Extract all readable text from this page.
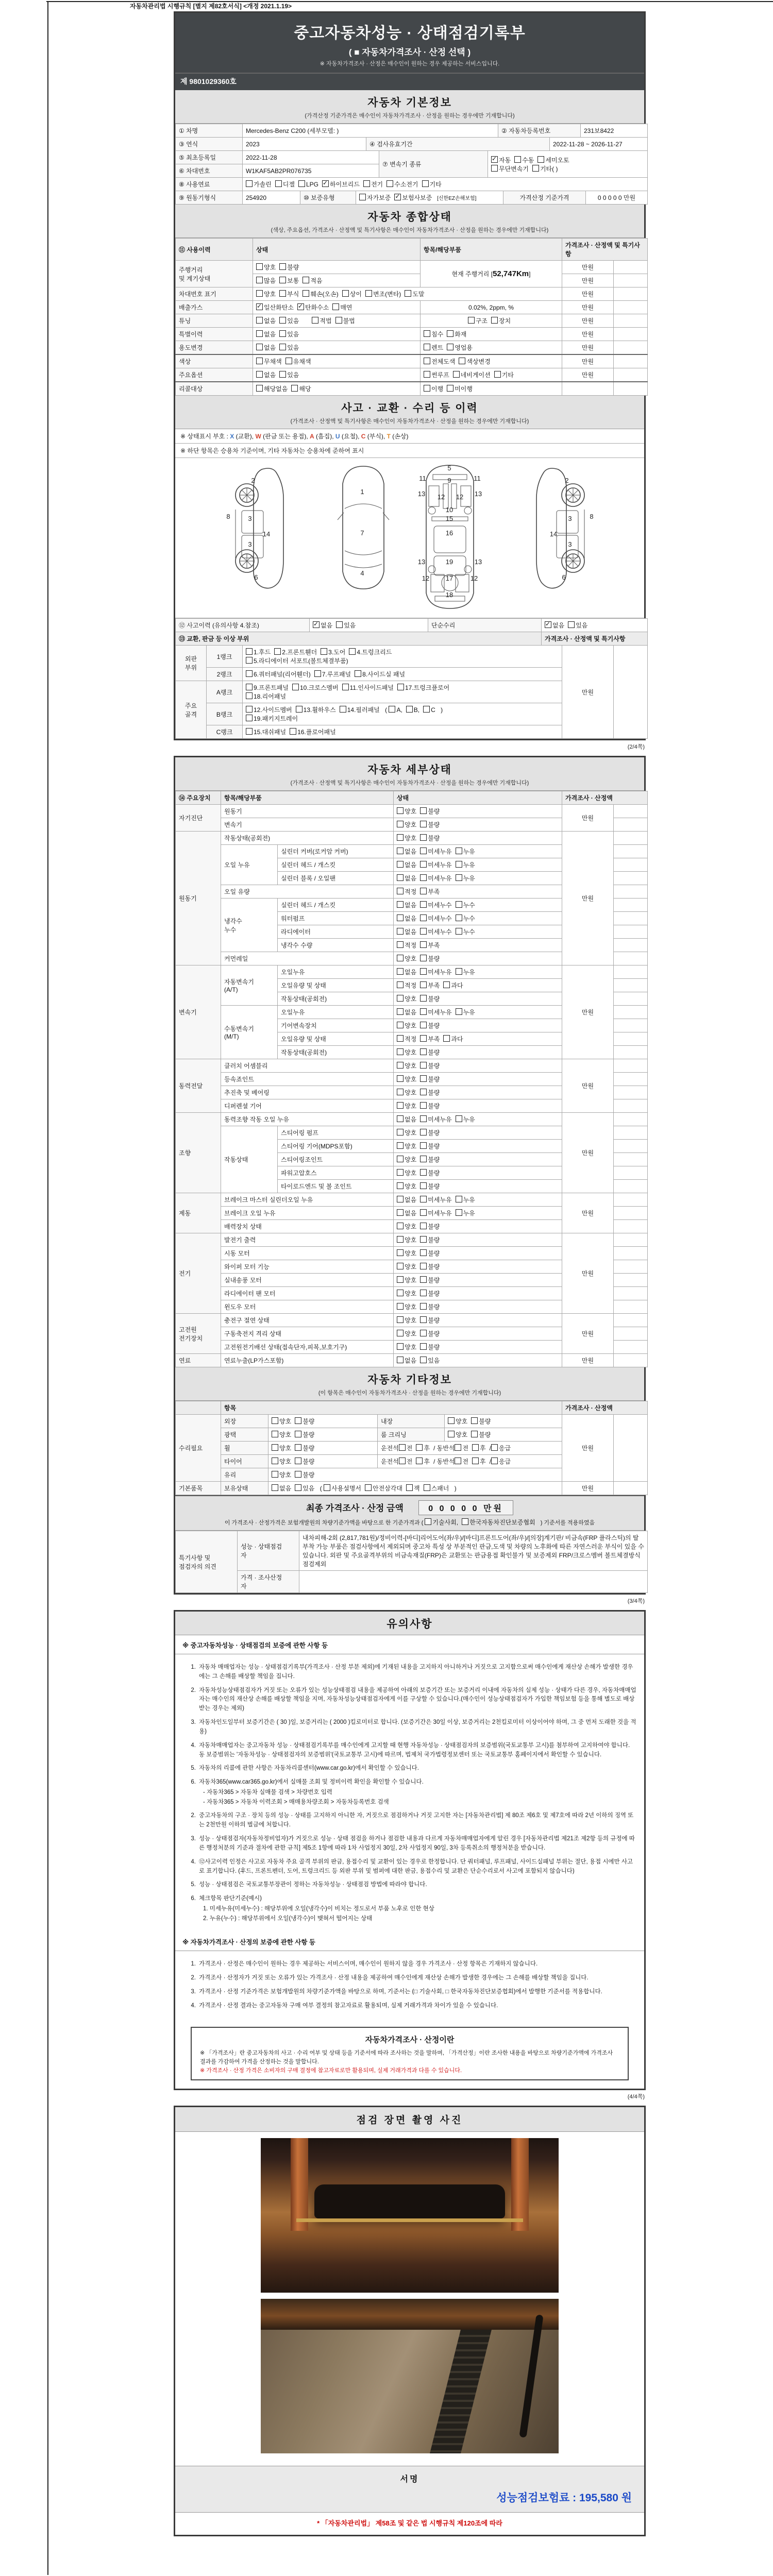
자동차관리법 시행규칙 [별지 제82호서식] <개정 2021.1.19>
중고자동차성능 · 상태점검기록부
( ■ 자동차가격조사 · 산정 선택 )
※ 자동차가격조사 · 산정은 매수인이 원하는 경우 제공하는 서비스입니다.
제 9801029360호
자동차 기본정보
(가격산정 기준가격은 매수인이 자동차가격조사 · 산정을 원하는 경우에만 기재합니다)
① 차명	Mercedes-Benz C200 (세부모델: )	② 자동차등록번호	231보8422
③ 연식	2023	④ 검사유효기간	2022-11-28 ~ 2026-11-27
⑤ 최초등록일	2022-11-28	⑦ 변속기 종류	✓자동 수동 세미오토
무단변속기 기타( )
⑥ 차대번호	W1KAF5AB2PR076735		
⑧ 사용연료	가솔린 디젤 LPG ✓ 하이브리드 전기 수소전기 기타
⑨ 원동기형식	254920	⑩ 보증유형	자가보증 ✓ 보험사보증 [신한EZ손해보험]	가격산정 기준가격	0 0 0 0 0 만원
자동차 종합상태
(색상, 주요옵션, 가격조사 · 산정액 및 특기사항은 매수인이 자동차가격조사 · 산정을 원하는 경우에만 기재합니다)
⑪ 사용이력	상태	항목/해당부품	가격조사 · 산정액 및 특기사항	
주행거리
및 계기상태	양호 불량	현재 주행거리 [52,747Km]	만원	
	많음 보통 적음		만원	
차대번호 표기	양호 부식 훼손(오손) 상이 변조(변타) 도말		만원	
배출가스	✓일산화탄소 ✓ 탄화수소 매연	0.02%, 2ppm, %	만원	
튜닝	없음 있음 적법 불법	구조 장치	만원	
특별이력	없음 있음	침수 화재	만원	
용도변경	없음 있음	렌트 영업용	만원	
색상	무채색 유채색	전체도색 색상변경	만원	
주요옵션	없음 있음	썬루프 네비게이션 기타	만원	
리콜대상	해당없음 해당	이행 미이행		
사고 · 교환 · 수리 등 이력
(가격조사 · 산정액 및 특기사항은 매수인이 자동차가격조사 · 산정을 원하는 경우에만 기재합니다)
※ 상태표시 부호 : X (교환), W (판금 또는 용접), A (흠집), U (요철), C (부식), T (손상)
※ 하단 항목은 승용차 기준이며, 기타 자동차는 승용차에 준하여 표시
2
8	3
14
3
6
1
7
4
5
11	9	11
13 12 12 13
10
15
16
13	19	13
12 17	12
18
2
8
3
14
3
6
⑫ 사고이력 (유의사항 4.참조)	✓없음 있음	단순수리	✓없음 있음
⑬ 교환, 판금 등 이상 부위			가격조사 · 산정액 및 특기사항
외판
부위	1랭크	1.후드 2.프론트휀더 3.도어 4.트렁크리드
5.라디에이터 서포트(볼트체결부품)	만원	
	2랭크	6.쿼터패널(리어휀더) 7.루프패널 8.사이드실 패널		
주요
골격	A랭크	9.프론트패널 10.크로스멤버 11.인사이드패널 17.트렁크플로어
18.리어패널		
	B랭크	12.사이드멤버 13.휠하우스 14.필러패널 ( A, B, C )
19.패키지트레이		
	C랭크	15.대쉬패널 16.플로어패널		
(2/4쪽)
자동차 세부상태
(가격조사 · 산정액 및 특기사항은 매수인이 자동차가격조사 · 산정을 원하는 경우에만 기재합니다)
⑭ 주요장치	항목/해당부품		상태	가격조사 · 산정액	
자기진단	원동기		양호 불량	만원	
	변속기		양호 불량		
원동기	작동상태(공회전)		양호 불량	만원	
	오일 누유	실린더 커버(로커암 커버)	없음 미세누유 누유		
		실린더 헤드 / 개스킷	없음 미세누유 누유		
		실린더 블록 / 오일팬	없음 미세누유 누유		
	오일 유량		적정 부족		
	냉각수
누수	실린더 헤드 / 개스킷	없음 미세누수 누수		
		워터펌프	없음 미세누수 누수		
		라디에이터	없음 미세누수 누수		
		냉각수 수량	적정 부족		
	커먼레일		양호 불량		
변속기	자동변속기
(A/T)	오일누유	없음 미세누유 누유	만원	
		오일유량 및 상태	적정 부족 과다		
		작동상태(공회전)	양호 불량		
	수동변속기
(M/T)	오일누유	없음 미세누유 누유		
		기어변속장치	양호 불량		
		오일유량 및 상태	적정 부족 과다		
		작동상태(공회전)	양호 불량		
동력전달	클러치 어셈블리		양호 불량	만원	
	등속죠인트		양호 불량		
	추진축 및 베어링		양호 불량		
	디퍼렌셜 기어		양호 불량		
조향	동력조향 작동 오일 누유		없음 미세누유 누유	만원	
	작동상태	스티어링 펌프	양호 불량		
		스티어링 기어(MDPS포함)	양호 불량		
		스티어링조인트	양호 불량		
		파워고압호스	양호 불량		
		타이로드엔드 및 볼 조인트	양호 불량		
제동	브레이크 마스터 실린더오일 누유		없음 미세누유 누유	만원	
	브레이크 오일 누유		없음 미세누유 누유		
	배력장치 상태		양호 불량		
전기	발전기 출력		양호 불량	만원	
	시동 모터		양호 불량		
	와이퍼 모터 기능		양호 불량		
	실내송풍 모터		양호 불량		
	라디에이터 팬 모터		양호 불량		
	윈도우 모터		양호 불량		
고전원
전기장치	충전구 절연 상태		양호 불량	만원	
	구동축전지 격리 상태		양호 불량		
	고전원전기배선 상태(접속단자,피복,보호기구)		양호 불량		
연료	연료누출(LP가스포함)		없음 있음	만원	
자동차 기타정보
(이 항목은 매수인이 자동차가격조사 · 산정을 원하는 경우에만 기재합니다)
	항목				가격조사 · 산정액	
수리필요	외장	양호 불량	내장	양호 불량	만원	
	광택	양호 불량	룸 크리닝	양호 불량		
	휠	양호 불량	운전석 전 후 / 동반석 전 후 / 응급			
	타이어	양호 불량	운전석 전 후 / 동반석 전 후 / 응급			
	유리	양호 불량				
기본품목	보유상태	없음 있음 ( 사용설명서 안전삼각대 잭 스패너 )			만원	
최종 가격조사 · 산정 금액	0 0 0 0 0 만원
이 가격조사 · 산정가격은 보험개발원의 차량기준가액을 바탕으로 한 기준가격과 ( 기술사회, 한국자동차진단보증협회 ) 기준서를 적용하였음
특기사항 및
점검자의 의견	성능 · 상태점검
자	내차피해-2회 (2,817,781원)/정비이력-[바디]리어도어(좌/우)/[바디]프론트도어(좌/우)/[의장]계기판/ 비금속(FRP 플라스틱)의 탈부착 가능 부품은 점검사항에서 제외되며 중고차 특성 상 부분적인 판금,도색 및 차량의 노후화에 따른 자연스러운 부식이 있을 수 있습니다. 외판 및 주요골격부위의 비금속재질(FRP)은 교환또는 판금용접 확인불가 및 보증제외 FRP/크로스멤버 볼트체결방식 점검제외
	가격 · 조사산정
자	
(3/4쪽)
유의사항
※ 중고자동차성능 · 상태점검의 보증에 관한 사항 등
1. 자동차 매매업자는 성능 · 상태점검기록부(가격조사 · 산정 부분 제외)에 기재된 내용을 고지하지 아니하거나 거짓으로 고지함으로써 매수인에게 재산상 손해가 발생한 경우에는 그 손해를 배상할 책임을 집니다.
2. 자동차성능상태점검자가 거짓 또는 오류가 있는 성능상태점검 내용을 제공하여 아래의 보증기간 또는 보증거리 이내에 자동차의 실제 성능 · 상태가 다른 경우, 자동차매매업자는 매수인의 재산상 손해를 배상할 책임을 지며, 자동차성능상태점검자에게 이를 구상할 수 있습니다.(매수인이 성능상태점검자가 가입한 책임보험 등을 통해 별도로 배상받는 경우는 제외)
3. 자동차인도일부터 보증기간은 ( 30 )일, 보증거리는 ( 2000 )킬로미터로 합니다. (보증기간은 30일 이상, 보증거리는 2천킬로미터 이상이어야 하며, 그 중 먼저 도래한 것을 적용)
4. 자동차매매업자는 중고자동차 성능 · 상태점검기록부를 매수인에게 고지할 때 현행 자동차성능 · 상태점검자의 보증범위(국토교통부 고시)를 첨부하여 고지하여야 합니다. 동 보증범위는 '자동차성능 · 상태점검자의 보증범위'(국토교통부 고시)에 따르며, 법제처 국가법령정보센터 또는 국토교통부 홈페이지에서 확인할 수 있습니다.
5. 자동차의 리콜에 관한 사항은 자동차리콜센터(www.car.go.kr)에서 확인할 수 있습니다.
6. 자동차365(www.car365.go.kr)에서 실매물 조회 및 정비이력 확인을 확인할 수 있습니다.
- 자동차365 > 자동차 실매물 검색 > 차량번호 입력
- 자동차365 > 자동차 이력조회 > 매매용차량조회 > 자동차등록번호 검색
2. 중고자동차의 구조 · 장치 등의 성능 · 상태를 고지하지 아니한 자, 거짓으로 점검하거나 거짓 고지한 자는 [자동차관리법] 제 80조 제6호 및 제7호에 따라 2년 이하의 징역 또는 2천만원 이하의 벌금에 처합니다.
3. 성능 · 상태점검자(자동차정비업자)가 거짓으로 성능 · 상태 점검을 하거나 점검한 내용과 다르게 자동차매매업자에게 알린 경우 [자동차관리법 제21조 제2항 등의 규정에 따른 행정처분의 기준과 절차에 관한 규칙] 제5조 1항에 따라 1차 사업정지 30일, 2차 사업정지 90일, 3차 등록취소의 행정처분을 받습니다.
4. ⑫사고이력 인정은 사고로 자동차 주요 골격 부위의 판금, 용접수리 및 교환이 있는 경우로 한정합니다. 단 쿼터패널, 루프패널, 사이드실패널 부위는 절단, 용접 시에만 사고로 표기합니다. (후드, 프론트펜더, 도어, 트렁크리드 등 외판 부위 및 범퍼에 대한 판금, 용접수리 및 교환은 단순수리로서 사고에 포함되지 않습니다)
5. 성능 · 상태점검은 국토교통부장관이 정하는 자동차성능 · 상태점검 방법에 따라야 합니다.
6. 체크항목 판단기준(예시)
1. 미세누유(미세누수) : 해당부위에 오일(냉각수)이 비치는 정도로서 부품 노후로 인한 현상
2. 누유(누수) : 해당부위에서 오일(냉각수)이 맺혀서 떨어지는 상태
※ 자동차가격조사 · 산정의 보증에 관한 사항 등
1. 가격조사 · 산정은 매수인이 원하는 경우 제공하는 서비스이며, 매수인이 원하지 않을 경우 가격조사 · 산정 항목은 기재하지 않습니다.
2. 가격조사 · 산정자가 거짓 또는 오류가 있는 가격조사 · 산정 내용을 제공하여 매수인에게 재산상 손해가 발생한 경우에는 그 손해를 배상할 책임을 집니다.
3. 가격조사 · 산정 기준가격은 보험개발원의 차량기준가액을 바탕으로 하며, 기준서는 (□ 기술사회, □ 한국자동차진단보증협회)에서 발행한 기준서를 적용합니다.
4. 가격조사 · 산정 결과는 중고자동차 구매 여부 결정의 참고자료로 활용되며, 실제 거래가격과 차이가 있을 수 있습니다.
자동차가격조사 · 산정이란
※ 「가격조사」란 중고자동차의 사고 · 수리 여부 및 상태 등을 기준서에 따라 조사하는 것을 말하며, 「가격산정」이란 조사한 내용을 바탕으로 차량기준가액에 가격조사 결과를 가감하여 가격을 산정하는 것을 말합니다.
※ 가격조사 · 산정 가격은 소비자의 구매 결정에 참고자료로만 활용되며, 실제 거래가격과 다를 수 있습니다.
(4/4쪽)
점검 장면 촬영 사진
서명
성능점검보험료 : 195,580 원
* 「자동차관리법」 제58조 및 같은 법 시행규칙 제120조에 따라
